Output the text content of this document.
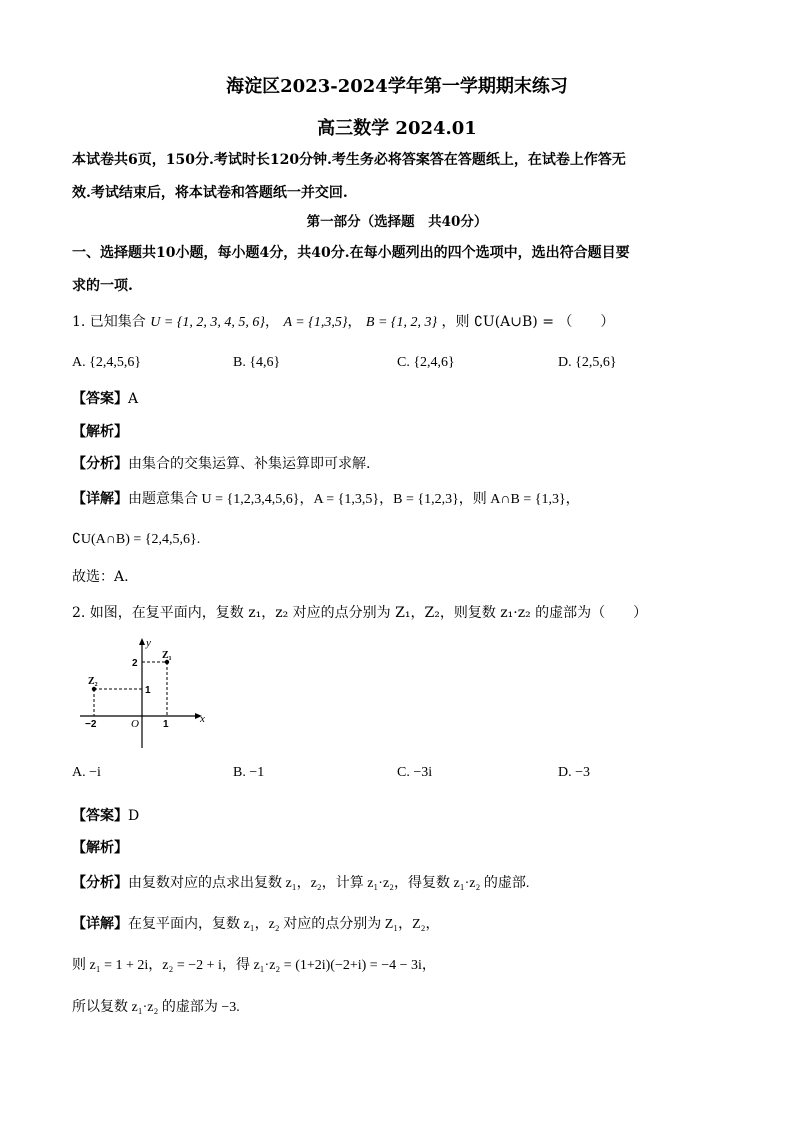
海淀区2023-2024学年第一学期期末练习
高三数学 2024.01
本试卷共6页，150分.考试时长120分钟.考生务必将答案答在答题纸上，在试卷上作答无
效.考试结束后，将本试卷和答题纸一并交回.
第一部分（选择题　共40分）
一、选择题共10小题，每小题4分，共40分.在每小题列出的四个选项中，选出符合题目要
求的一项.
1. 已知集合 U = {1, 2, 3, 4, 5, 6}， A = {1,3,5}， B = {1, 2, 3} ，则 ∁U(A∪B) = （　　）
A. {2,4,5,6}	B. {4,6}	C. {2,4,6}	D. {2,5,6}
【答案】A
【解析】
【分析】由集合的交集运算、补集运算即可求解.
【详解】由题意集合 U = {1,2,3,4,5,6}，A = {1,3,5}，B = {1,2,3}，则 A∩B = {1,3}，
∁U(A∩B) = {2,4,5,6}.
故选：A.
2. 如图，在复平面内，复数 z₁，z₂ 对应的点分别为 Z₁，Z₂，则复数 z₁·z₂ 的虚部为（　　）
x
y
O
2
1
−2	1
Z₁
Z₂
A. −i	B. −1	C. −3i	D. −3
【答案】D
【解析】
【分析】由复数对应的点求出复数 z₁，z₂，计算 z₁·z₂，得复数 z₁·z₂ 的虚部.
【详解】在复平面内，复数 z₁，z₂ 对应的点分别为 Z₁，Z₂，
则 z₁ = 1 + 2i，z₂ = −2 + i，得 z₁·z₂ = (1+2i)(−2+i) = −4 − 3i，
所以复数 z₁·z₂ 的虚部为 −3.
